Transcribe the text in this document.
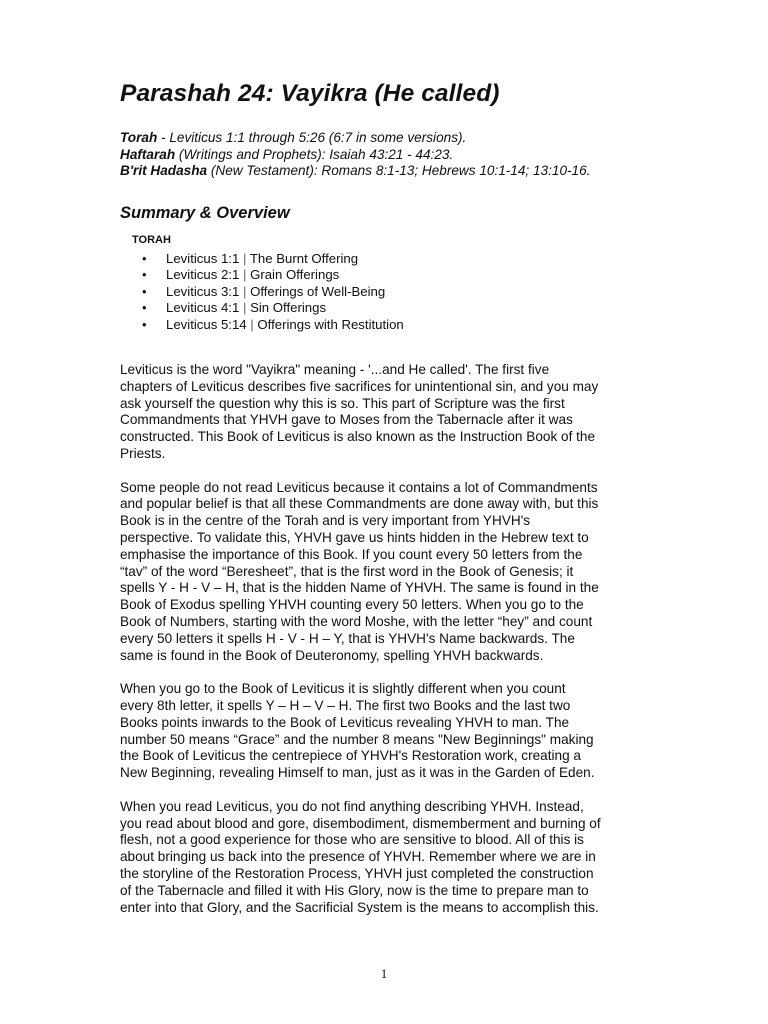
Parashah 24: Vayikra (He called)
Torah - Leviticus 1:1 through 5:26 (6:7 in some versions).
Haftarah (Writings and Prophets): Isaiah 43:21 - 44:23.
B'rit Hadasha (New Testament): Romans 8:1-13; Hebrews 10:1-14; 13:10-16.
Summary & Overview
TORAH
• Leviticus 1:1 | The Burnt Offering
• Leviticus 2:1 | Grain Offerings
• Leviticus 3:1 | Offerings of Well-Being
• Leviticus 4:1 | Sin Offerings
• Leviticus 5:14 | Offerings with Restitution
Leviticus is the word "Vayikra" meaning - '...and He called'. The first five
chapters of Leviticus describes five sacrifices for unintentional sin, and you may
ask yourself the question why this is so. This part of Scripture was the first
Commandments that YHVH gave to Moses from the Tabernacle after it was
constructed. This Book of Leviticus is also known as the Instruction Book of the
Priests.
Some people do not read Leviticus because it contains a lot of Commandments
and popular belief is that all these Commandments are done away with, but this
Book is in the centre of the Torah and is very important from YHVH's
perspective. To validate this, YHVH gave us hints hidden in the Hebrew text to
emphasise the importance of this Book. If you count every 50 letters from the
“tav” of the word “Beresheet”, that is the first word in the Book of Genesis; it
spells Y - H - V – H, that is the hidden Name of YHVH. The same is found in the
Book of Exodus spelling YHVH counting every 50 letters. When you go to the
Book of Numbers, starting with the word Moshe, with the letter “hey” and count
every 50 letters it spells H - V - H – Y, that is YHVH's Name backwards. The
same is found in the Book of Deuteronomy, spelling YHVH backwards.
When you go to the Book of Leviticus it is slightly different when you count
every 8th letter, it spells Y – H – V – H. The first two Books and the last two
Books points inwards to the Book of Leviticus revealing YHVH to man. The
number 50 means “Grace” and the number 8 means "New Beginnings" making
the Book of Leviticus the centrepiece of YHVH's Restoration work, creating a
New Beginning, revealing Himself to man, just as it was in the Garden of Eden.
When you read Leviticus, you do not find anything describing YHVH. Instead,
you read about blood and gore, disembodiment, dismemberment and burning of
flesh, not a good experience for those who are sensitive to blood. All of this is
about bringing us back into the presence of YHVH. Remember where we are in
the storyline of the Restoration Process, YHVH just completed the construction
of the Tabernacle and filled it with His Glory, now is the time to prepare man to
enter into that Glory, and the Sacrificial System is the means to accomplish this.
1
